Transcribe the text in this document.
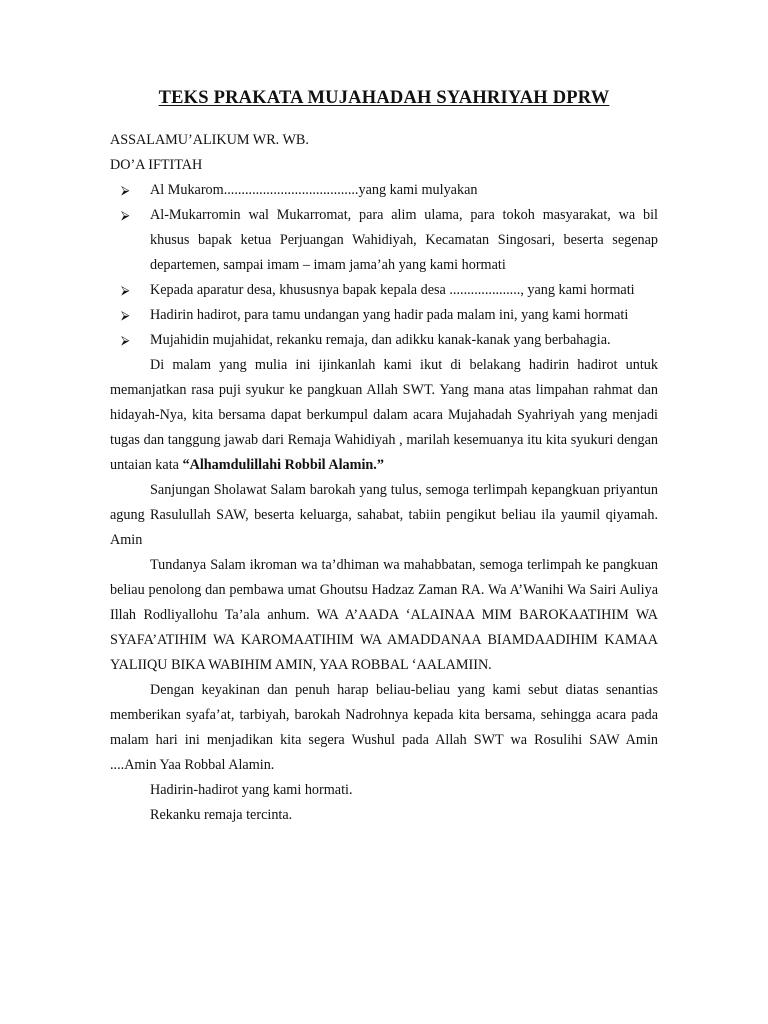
TEKS PRAKATA MUJAHADAH SYAHRIYAH DPRW
ASSALAMU’ALIKUM WR. WB.
DO’A IFTITAH
⮚ Al Mukarom......................................yang kami mulyakan
⮚ Al-Mukarromin wal Mukarromat, para alim ulama, para tokoh masyarakat, wa bil khusus bapak ketua Perjuangan Wahidiyah, Kecamatan Singosari, beserta segenap departemen, sampai imam – imam jama’ah yang kami hormati
⮚ Kepada aparatur desa, khususnya bapak kepala desa ...................., yang kami hormati
⮚ Hadirin hadirot, para tamu undangan yang hadir pada malam ini, yang kami hormati
⮚ Mujahidin mujahidat, rekanku remaja, dan adikku kanak-kanak yang berbahagia.

Di malam yang mulia ini ijinkanlah kami ikut di belakang hadirin hadirot untuk memanjatkan rasa puji syukur ke pangkuan Allah SWT. Yang mana atas limpahan rahmat dan hidayah-Nya, kita bersama dapat berkumpul dalam acara Mujahadah Syahriyah yang menjadi tugas dan tanggung jawab dari Remaja Wahidiyah , marilah kesemuanya itu kita syukuri dengan untaian kata “Alhamdulillahi Robbil Alamin.”

Sanjungan Sholawat Salam barokah yang tulus, semoga terlimpah kepangkuan priyantun agung Rasulullah SAW, beserta keluarga, sahabat, tabiin pengikut beliau ila yaumil qiyamah. Amin

Tundanya Salam ikroman wa ta’dhiman wa mahabbatan, semoga terlimpah ke pangkuan beliau penolong dan pembawa umat Ghoutsu Hadzaz Zaman RA. Wa A’Wanihi Wa Sairi Auliya Illah Rodliyallohu Ta’ala anhum. WA A’AADA ‘ALAINAA MIM BAROKAATIHIM WA SYAFA’ATIHIM WA KAROMAATIHIM WA AMADDANAA BIAMDAADIHIM KAMAA YALIIQU BIKA WABIHIM AMIN, YAA ROBBAL ‘AALAMIIN.

Dengan keyakinan dan penuh harap beliau-beliau yang kami sebut diatas senantias memberikan syafa’at, tarbiyah, barokah Nadrohnya kepada kita bersama, sehingga acara pada malam hari ini menjadikan kita segera Wushul pada Allah SWT wa Rosulihi SAW Amin ....Amin Yaa Robbal Alamin.

Hadirin-hadirot yang kami hormati.

Rekanku remaja tercinta.
